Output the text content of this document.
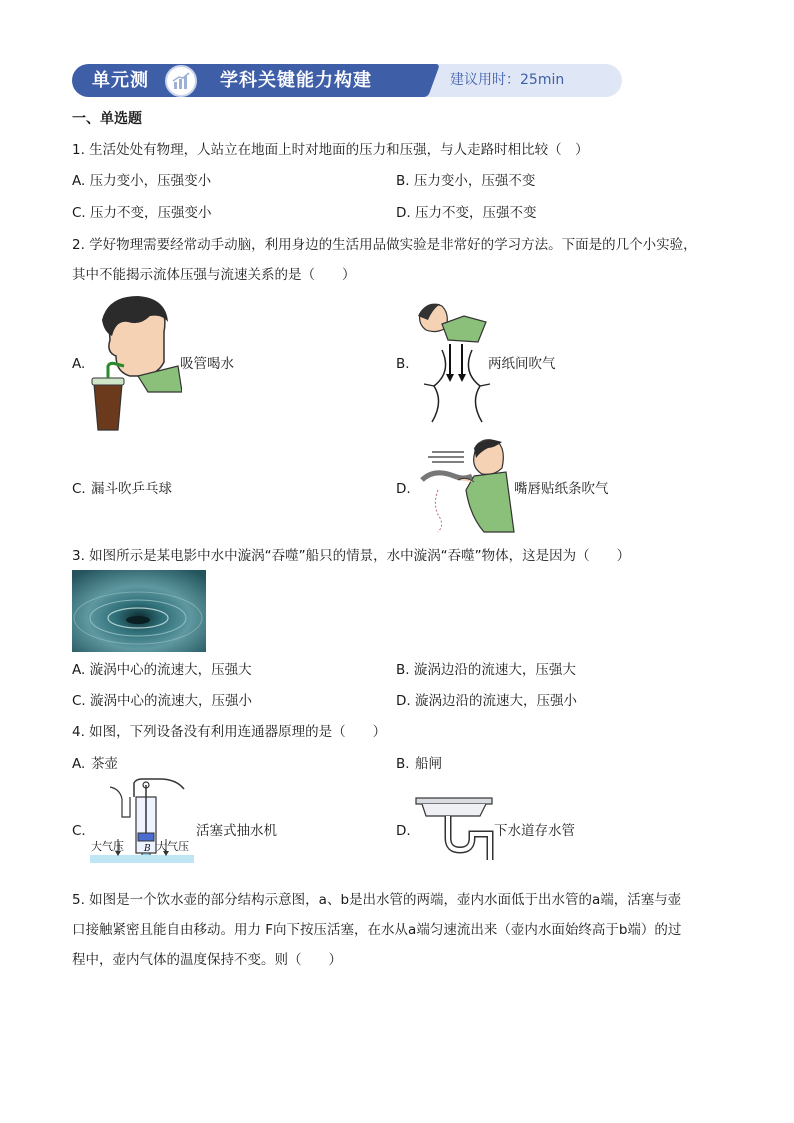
单元测	学科关键能力构建	建议用时：25min
一、单选题
1. 生活处处有物理，人站立在地面上时对地面的压力和压强，与人走路时相比较（　）
A. 压力变小，压强变小	B. 压力变小，压强不变
C. 压力不变，压强变小	D. 压力不变，压强不变
2. 学好物理需要经常动手动脑，利用身边的生活用品做实验是非常好的学习方法。下面是的几个小实验，
其中不能揭示流体压强与流速关系的是（　　）
A.	吸管喝水	B.	两纸间吹气
C. 漏斗吹乒乓球	D.	嘴唇贴纸条吹气
3. 如图所示是某电影中水中漩涡“吞噬”船只的情景，水中漩涡“吞噬”物体，这是因为（　　）
A. 漩涡中心的流速大，压强大	B. 漩涡边沿的流速大，压强大
C. 漩涡中心的流速大，压强小	D. 漩涡边沿的流速大，压强小
4. 如图，下列设备没有利用连通器原理的是（　　）
A. 茶壶	B. 船闸
C.
大气压	大气压
B
活塞式抽水机	D.	下水道存水管
5. 如图是一个饮水壶的部分结构示意图，a、b是出水管的两端，壶内水面低于出水管的a端，活塞与壶
口接触紧密且能自由移动。用力 F向下按压活塞，在水从a端匀速流出来（壶内水面始终高于b端）的过
程中，壶内气体的温度保持不变。则（　　）
